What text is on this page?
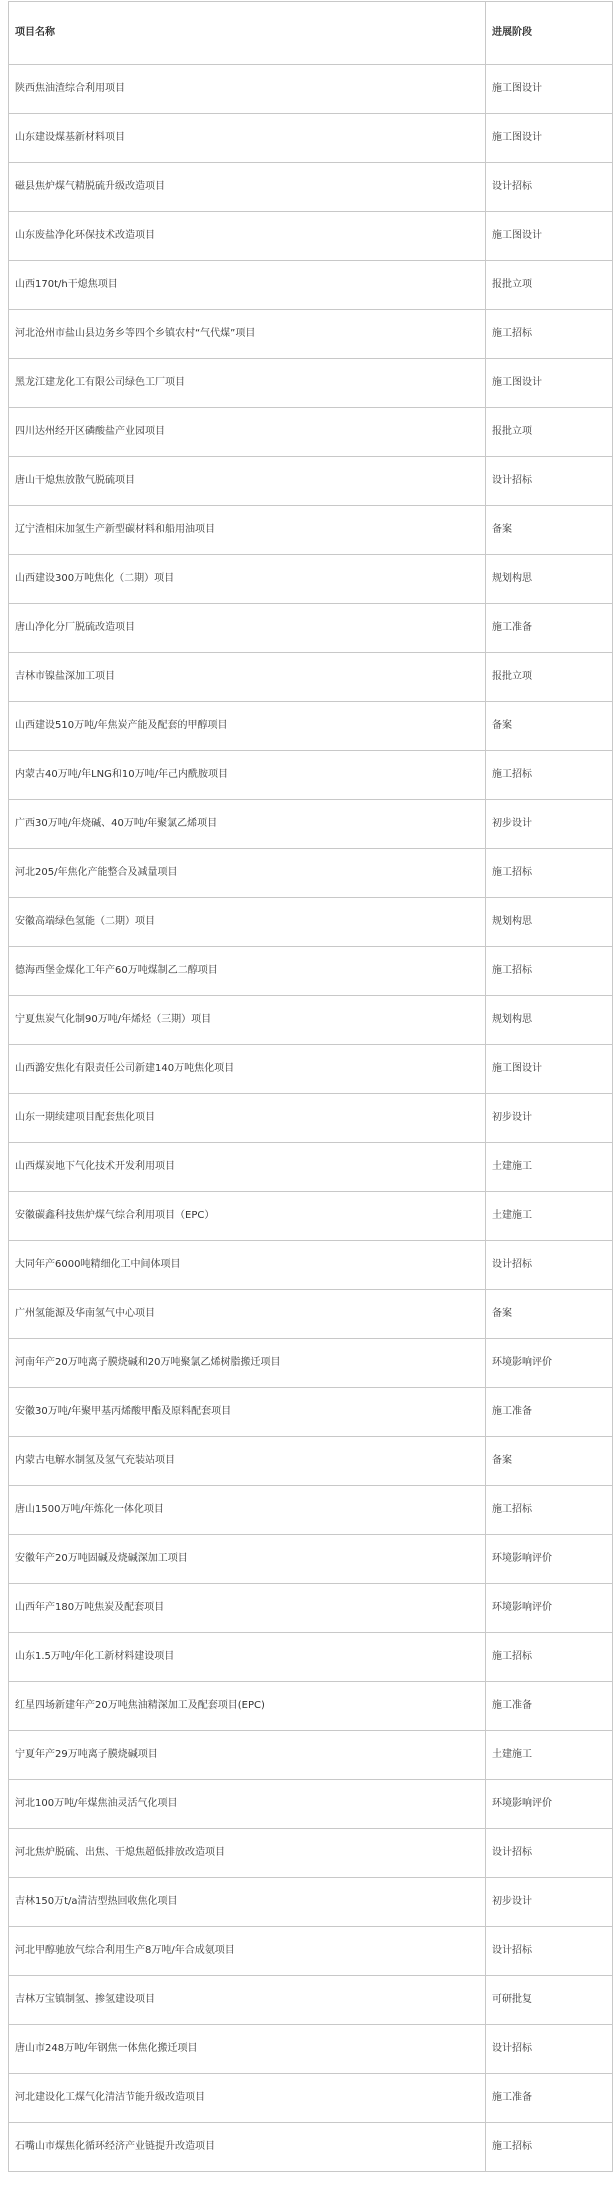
项目名称	进展阶段
陕西焦油渣综合利用项目	施工图设计
山东建设煤基新材料项目	施工图设计
磁县焦炉煤气精脱硫升级改造项目	设计招标
山东废盐净化环保技术改造项目	施工图设计
山西170t/h干熄焦项目	报批立项
河北沧州市盐山县边务乡等四个乡镇农村“气代煤”项目	施工招标
黑龙江建龙化工有限公司绿色工厂项目	施工图设计
四川达州经开区磷酸盐产业园项目	报批立项
唐山干熄焦放散气脱硫项目	设计招标
辽宁渣相床加氢生产新型碳材料和船用油项目	备案
山西建设300万吨焦化（二期）项目	规划构思
唐山净化分厂脱硫改造项目	施工准备
吉林市镍盐深加工项目	报批立项
山西建设510万吨/年焦炭产能及配套的甲醇项目	备案
内蒙古40万吨/年LNG和10万吨/年己内酰胺项目	施工招标
广西30万吨/年烧碱、40万吨/年聚氯乙烯项目	初步设计
河北205/年焦化产能整合及减量项目	施工招标
安徽高端绿色氢能（二期）项目	规划构思
德海西堡金煤化工年产60万吨煤制乙二醇项目	施工招标
宁夏焦炭气化制90万吨/年烯烃（三期）项目	规划构思
山西潞安焦化有限责任公司新建140万吨焦化项目	施工图设计
山东一期续建项目配套焦化项目	初步设计
山西煤炭地下气化技术开发利用项目	土建施工
安徽碳鑫科技焦炉煤气综合利用项目（EPC）	土建施工
大同年产6000吨精细化工中间体项目	设计招标
广州氢能源及华南氢气中心项目	备案
河南年产20万吨离子膜烧碱和20万吨聚氯乙烯树脂搬迁项目	环境影响评价
安徽30万吨/年聚甲基丙烯酸甲酯及原料配套项目	施工准备
内蒙古电解水制氢及氢气充装站项目	备案
唐山1500万吨/年炼化一体化项目	施工招标
安徽年产20万吨固碱及烧碱深加工项目	环境影响评价
山西年产180万吨焦炭及配套项目	环境影响评价
山东1.5万吨/年化工新材料建设项目	施工招标
红星四场新建年产20万吨焦油精深加工及配套项目(EPC)	施工准备
宁夏年产29万吨离子膜烧碱项目	土建施工
河北100万吨/年煤焦油灵活气化项目	环境影响评价
河北焦炉脱硫、出焦、干熄焦超低排放改造项目	设计招标
吉林150万t/a清洁型热回收焦化项目	初步设计
河北甲醇驰放气综合利用生产8万吨/年合成氨项目	设计招标
吉林万宝镇制氢、掺氢建设项目	可研批复
唐山市248万吨/年钢焦一体焦化搬迁项目	设计招标
河北建设化工煤气化清洁节能升级改造项目	施工准备
石嘴山市煤焦化循环经济产业链提升改造项目	施工招标
